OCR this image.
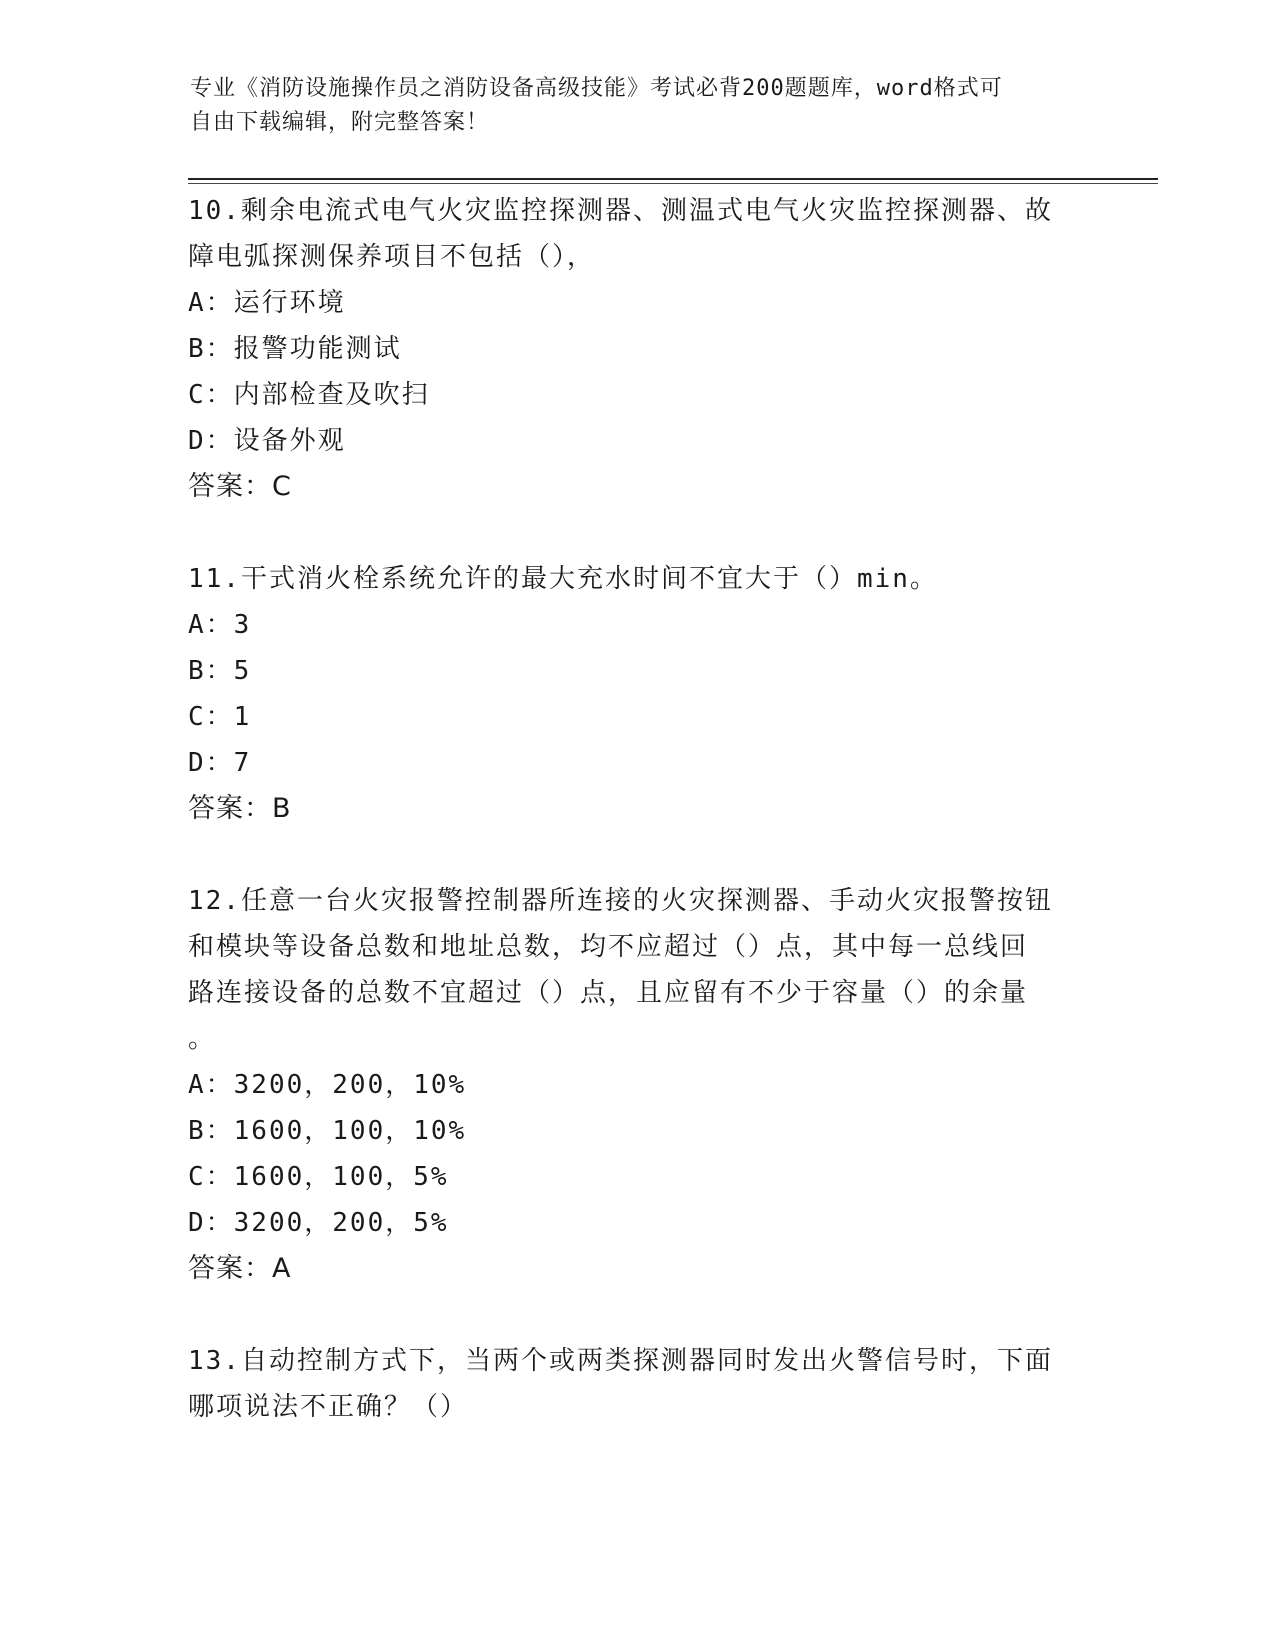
专业《消防设施操作员之消防设备高级技能》考试必背200题题库，word格式可
自由下载编辑，附完整答案！
10.剩余电流式电气火灾监控探测器、测温式电气火灾监控探测器、故
障电弧探测保养项目不包括（），
A：运行环境
B：报警功能测试
C：内部检查及吹扫
D：设备外观
答案：C
11.干式消火栓系统允许的最大充水时间不宜大于（）min。
A：3
B：5
C：1
D：7
答案：B
12.任意一台火灾报警控制器所连接的火灾探测器、手动火灾报警按钮
和模块等设备总数和地址总数，均不应超过（）点，其中每一总线回
路连接设备的总数不宜超过（）点，且应留有不少于容量（）的余量
。
A：3200，200，10%
B：1600，100，10%
C：1600，100，5%
D：3200，200，5%
答案：A
13.自动控制方式下，当两个或两类探测器同时发出火警信号时，下面
哪项说法不正确？（）
